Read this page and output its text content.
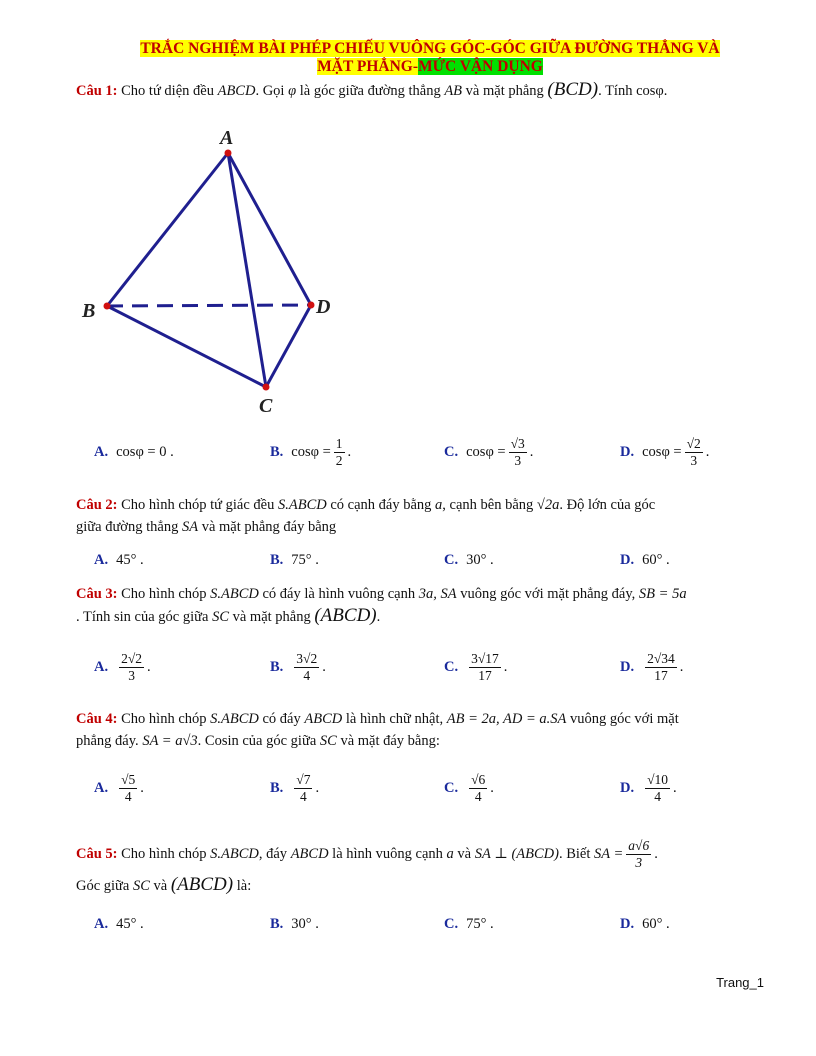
TRẮC NGHIỆM BÀI PHÉP CHIẾU VUÔNG GÓC-GÓC GIỮA ĐƯỜNG THẲNG VÀ
MẶT PHẲNG-MỨC VẬN DỤNG
Câu 1: Cho tứ diện đều ABCD. Gọi φ là góc giữa đường thẳng AB và mặt phẳng (BCD). Tính cosφ.
A
B	D
C
A. cosφ = 0 .	B. $\cos\varphi = \frac{1}{2}$ .	C. $\cos\varphi = \frac{√3}{3}$ .	D. $\cos\varphi = \frac{√2}{3}$ .
Câu 2: Cho hình chóp tứ giác đều S.ABCD có cạnh đáy bằng a, cạnh bên bằng √2a. Độ lớn của góc
giữa đường thẳng SA và mặt phẳng đáy bằng
A. 45° .	B. 75° .	C. 30° .	D. 60° .
Câu 3: Cho hình chóp S.ABCD có đáy là hình vuông cạnh 3a, SA vuông góc với mặt phẳng đáy, SB = 5a
. Tính sin của góc giữa SC và mặt phẳng (ABCD).
A. $\frac{2√2}{3}$ .	B. $\frac{3√2}{4}$ .	C. $\frac{3√17}{17}$ .	D. $\frac{2√34}{17}$ .
Câu 4: Cho hình chóp S.ABCD có đáy ABCD là hình chữ nhật, AB = 2a, AD = a.SA vuông góc với mặt
phẳng đáy. SA = a√3. Cosin của góc giữa SC và mặt đáy bằng:
A. $\frac{√5}{4}$ .	B. $\frac{√7}{4}$ .	C. $\frac{√6}{4}$ .	D. $\frac{√10}{4}$ .
Câu 5: Cho hình chóp S.ABCD, đáy ABCD là hình vuông cạnh a và SA ⊥ (ABCD). Biết SA = $\frac{a√6}{3}$ .
Góc giữa SC và (ABCD) là:
A. 45° .	B. 30° .	C. 75° .	D. 60° .
Trang_1
